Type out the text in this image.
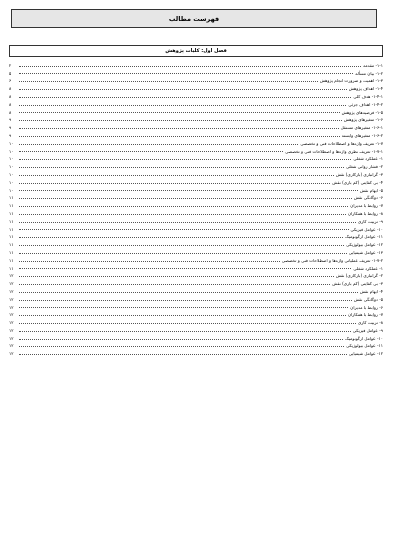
فهرست مطالب
فصل اول: کلیات پژوهش
۲	۱-۱- مقدمه
۵	۱-۲- بیان مسأله
۶	۱-۳- اهمیت و ضرورت انجام پژوهش
۸	۱-۴- اهداف پژوهش
۸	۱-۴-۱- هدف کلی
۸	۱-۴-۲- اهداف جزئی
۸	۱-۵- فرضیه‌های پژوهش
۹	۱-۶- متغیرهای پژوهش
۹	۱-۶-۱- متغیرهای مستقل
۹	۱-۶-۲- متغیرهای وابسته
۱۰	۱-۷- تعریف واژه‌ها و اصطلاحات فنی و تخصصی
۱۰	۱-۷-۱- تعریف نظری واژه‌ها و اصطلاحات فنی و تخصصی
۱۰	۱- عملکرد شغلی
۱۰	۲- فشار روانی شغلی
۱۰	۳- گرانباری (بارکاری) نقش
۱۰	۴- بی کفایتی (کم باری) نقش
۱۰	۵- ابهام نقش
۱۱	۶- دوگانگی نقش
۱۱	۷- روابط با مدیران
۱۱	۸- روابط با همکاران
۱۱	۹- تربیت کاری
۱۱	۱۰- عوامل فیزیکی
۱۱	۱۱- عوامل ارگونومیک
۱۱	۱۲- عوامل بیولوژیکی
۱۱	۱۳- عوامل شیمیایی
۱۱	۱-۷-۲- تعریف عملیاتی واژه‌ها و اصطلاحات فنی و تخصصی
۱۱	۱- عملکرد شغلی
۱۲	۲- گرانباری (بارکاری) نقش
۱۲	۳- بی کفایتی (کم باری) نقش
۱۲	۴- ابهام نقش
۱۲	۵- دوگانگی نقش
۱۲	۶- روابط با مدیران
۱۲	۷- روابط با همکاران
۱۲	۸- تربیت کاری
۱۲	۹- عوامل فیزیکی
۱۲	۱۰- عوامل ارگونومیک
۱۲	۱۱- عوامل بیولوژیکی
۱۲	۱۲- عوامل شیمیایی
